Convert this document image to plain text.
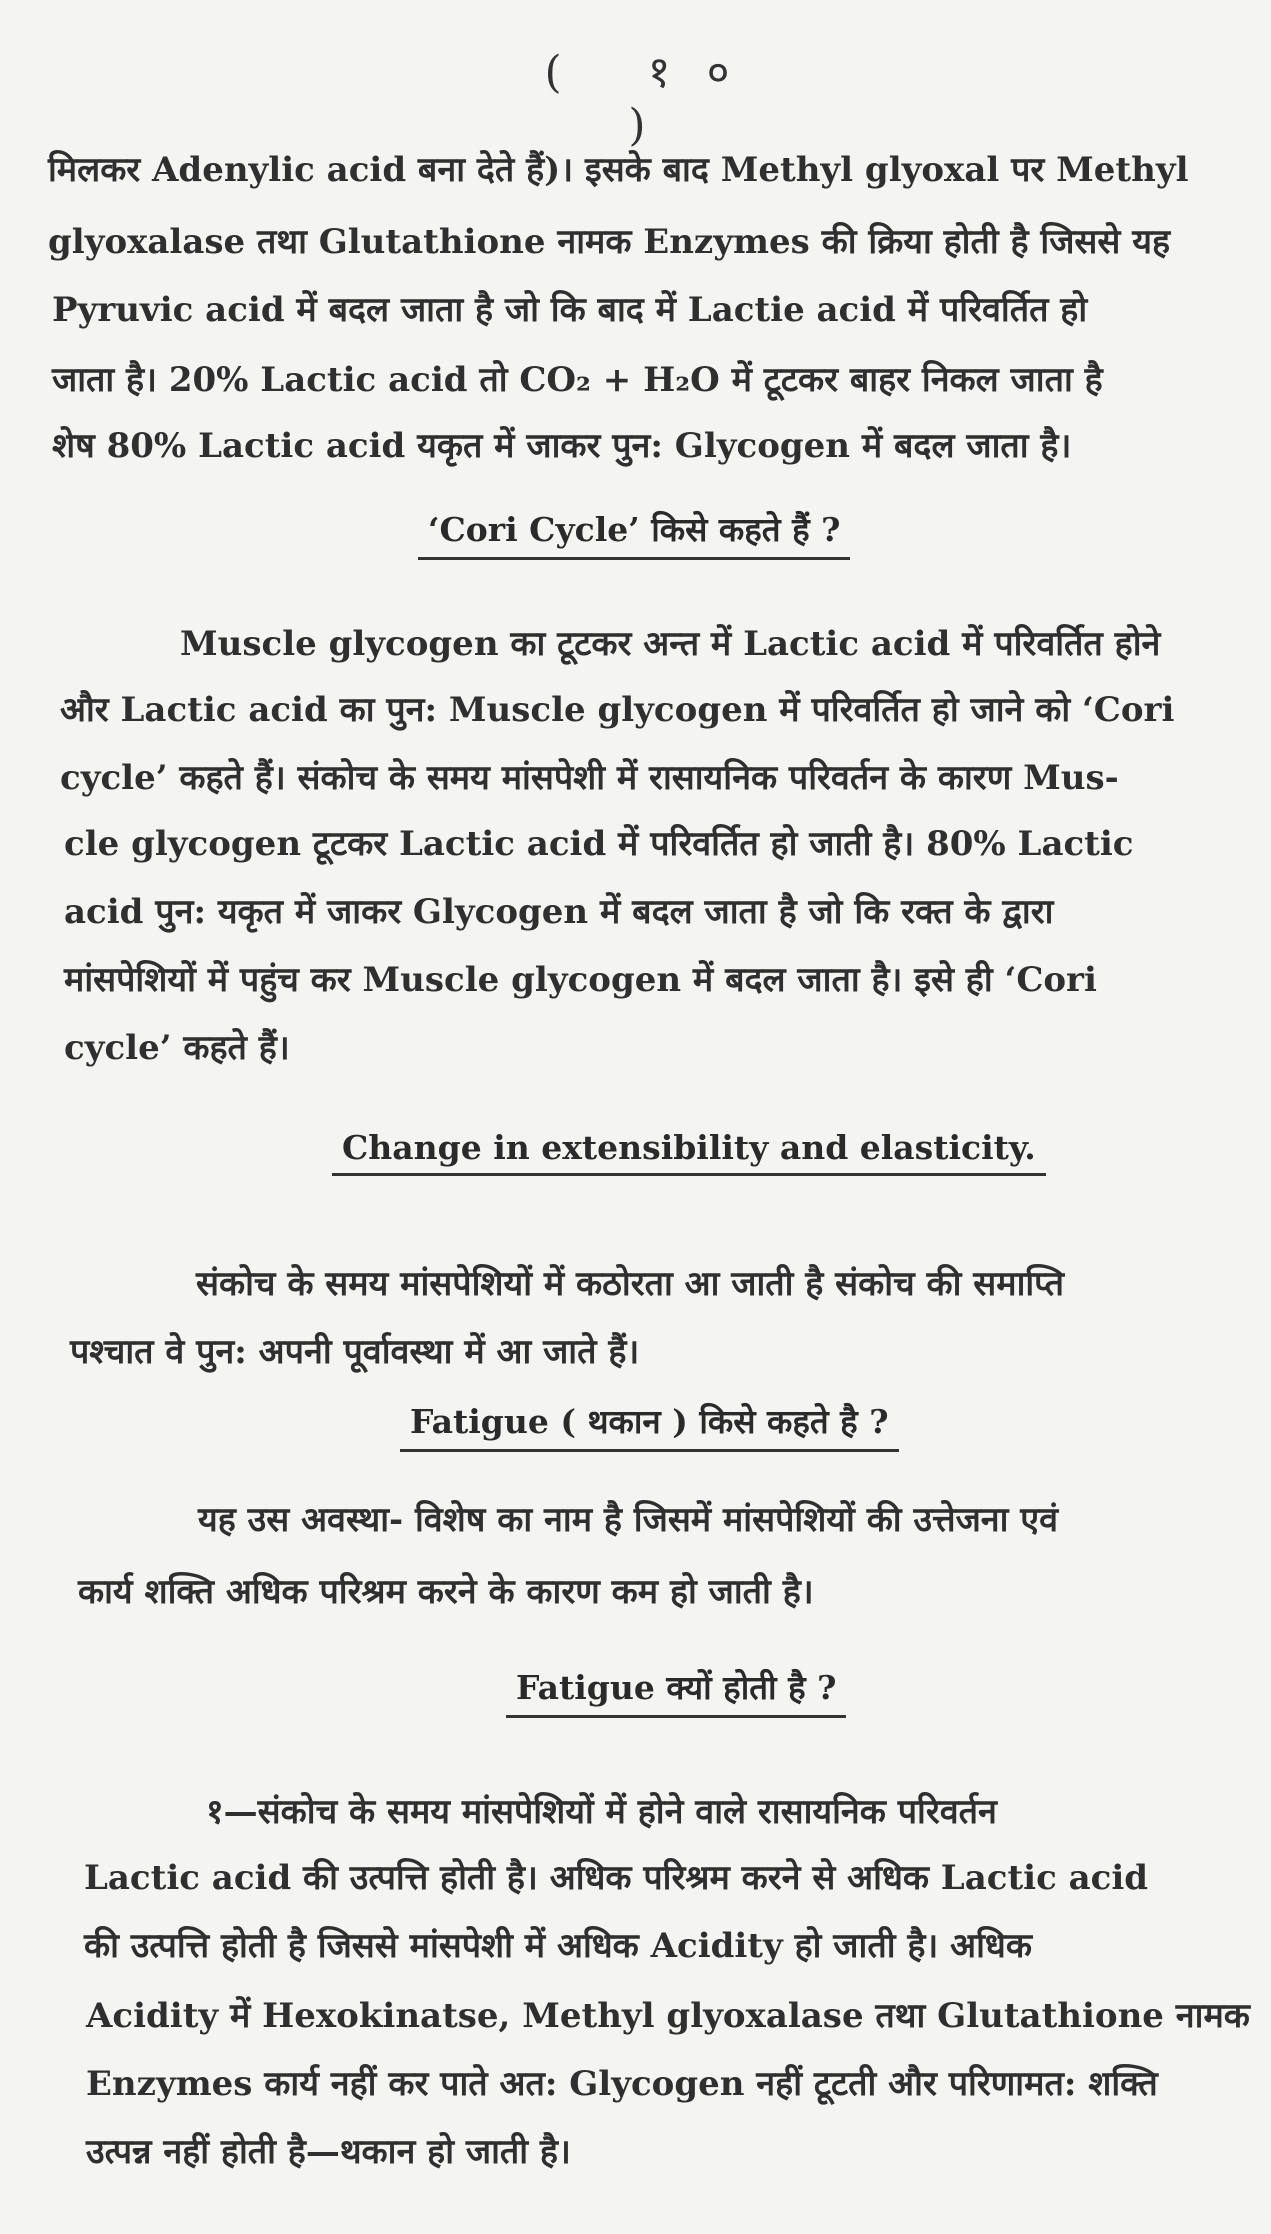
( १० )
मिलकर Adenylic acid बना देते हैं)। इसके बाद Methyl glyoxal पर Methyl
glyoxalase तथा Glutathione नामक Enzymes की क्रिया होती है जिससे यह
Pyruvic acid में बदल जाता है जो कि बाद में Lactie acid में परिवर्तित हो
जाता है। 20% Lactic acid तो CO₂ + H₂O में टूटकर बाहर निकल जाता है
शेष 80% Lactic acid यकृत में जाकर पुन: Glycogen में बदल जाता है।
‘Cori Cycle’ किसे कहते हैं ?
Muscle glycogen का टूटकर अन्त में Lactic acid में परिवर्तित होने
और Lactic acid का पुन: Muscle glycogen में परिवर्तित हो जाने को ‘Cori
cycle’ कहते हैं। संकोच के समय मांसपेशी में रासायनिक परिवर्तन के कारण Mus-
cle glycogen टूटकर Lactic acid में परिवर्तित हो जाती है। 80% Lactic
acid पुन: यकृत में जाकर Glycogen में बदल जाता है जो कि रक्त के द्वारा
मांसपेशियों में पहुंच कर Muscle glycogen में बदल जाता है। इसे ही ‘Cori
cycle’ कहते हैं।
Change in extensibility and elasticity.
संकोच के समय मांसपेशियों में कठोरता आ जाती है संकोच की समाप्ति
पश्चात वे पुन: अपनी पूर्वावस्था में आ जाते हैं।
Fatigue ( थकान ) किसे कहते है ?
यह उस अवस्था- विशेष का नाम है जिसमें मांसपेशियों की उत्तेजना एवं
कार्य शक्ति अधिक परिश्रम करने के कारण कम हो जाती है।
Fatigue क्यों होती है ?
१—संकोच के समय मांसपेशियों में होने वाले रासायनिक परिवर्तन
Lactic acid की उत्पत्ति होती है। अधिक परिश्रम करने से अधिक Lactic acid
की उत्पत्ति होती है जिससे मांसपेशी में अधिक Acidity हो जाती है। अधिक
Acidity में Hexokinatse, Methyl glyoxalase तथा Glutathione नामक
Enzymes कार्य नहीं कर पाते अत: Glycogen नहीं टूटती और परिणामत: शक्ति
उत्पन्न नहीं होती है—थकान हो जाती है।
